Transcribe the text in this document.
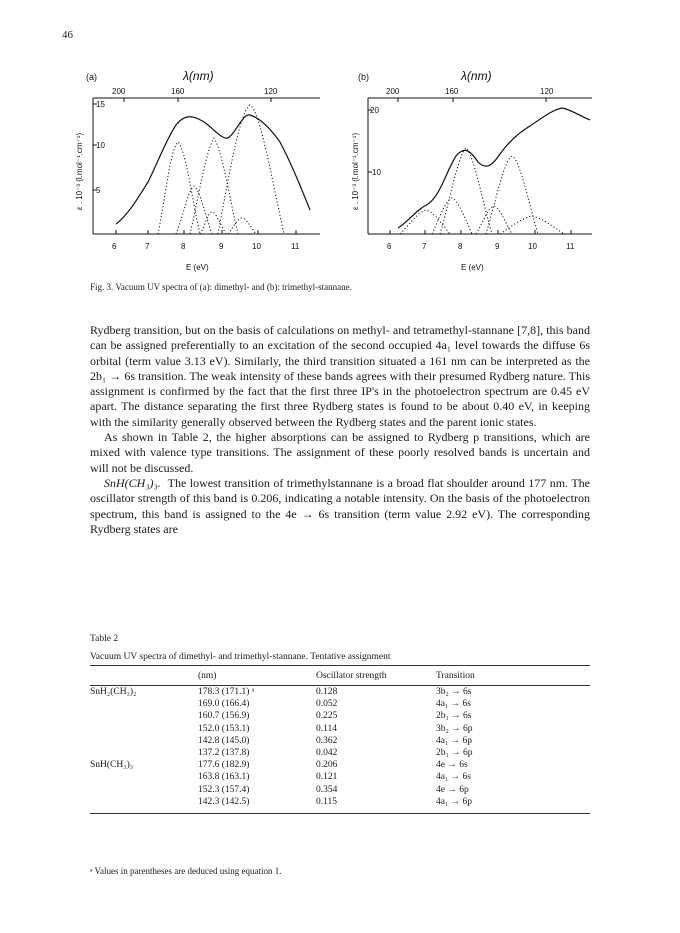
46
(a)	λ(nm)
200	160	120
15
10
5
ε . 10⁻³ (l.mol⁻¹.cm⁻¹)
6	7	8	9	10	11
E (eV)
(b)	λ(nm)
200	160	120
20
10
ε . 10⁻³ (l.mol⁻¹.cm⁻¹)
6	7	8	9	10	11
E (eV)
Fig. 3. Vacuum UV spectra of (a): dimethyl- and (b): trimethyl-stannane.

Rydberg transition, but on the basis of calculations on methyl- and tetramethyl-stannane [7,8], this band can be assigned preferentially to an excitation of the second occupied 4a₁ level towards the diffuse 6s orbital (term value 3.13 eV). Similarly, the third transition situated a 161 nm can be interpreted as the 2b₁ → 6s transition. The weak intensity of these bands agrees with their presumed Rydberg nature. This assignment is confirmed by the fact that the first three IP's in the photoelectron spectrum are 0.45 eV apart. The distance separating the first three Rydberg states is found to be about 0.40 eV, in keeping with the similarity generally observed between the Rydberg states and the parent ionic states.

As shown in Table 2, the higher absorptions can be assigned to Rydberg p transitions, which are mixed with valence type transitions. The assignment of these poorly resolved bands is uncertain and will not be discussed.

SnH(CH₃)₃. The lowest transition of trimethylstannane is a broad flat shoulder around 177 nm. The oscillator strength of this band is 0.206, indicating a notable intensity. On the basis of the photoelectron spectrum, this band is assigned to the 4e → 6s transition (term value 2.92 eV). The corresponding Rydberg states are

Table 2
Vacuum UV spectra of dimethyl- and trimethyl-stannane. Tentative assignment
	(nm)	Oscillator strength	Transition
SnH₂(CH₃)₂	178.3 (171.1) ᵃ	0.128	3b₂ → 6s
	169.0 (166.4)	0.052	4a₁ → 6s
	160.7 (156.9)	0.225	2b₁ → 6s
	152.0 (153.1)	0.114	3b₂ → 6p
	142.8 (145.0)	0.362	4a₁ → 6p
	137.2 (137.8)	0.042	2b₁ → 6p
SnH(CH₃)₃	177.6 (182.9)	0.206	4e → 6s
	163.8 (163.1)	0.121	4a₁ → 6s
	152.3 (157.4)	0.354	4e → 6p
	142.3 (142.5)	0.115	4a₁ → 6p
ᵃ Values in parentheses are deduced using equation 1.
